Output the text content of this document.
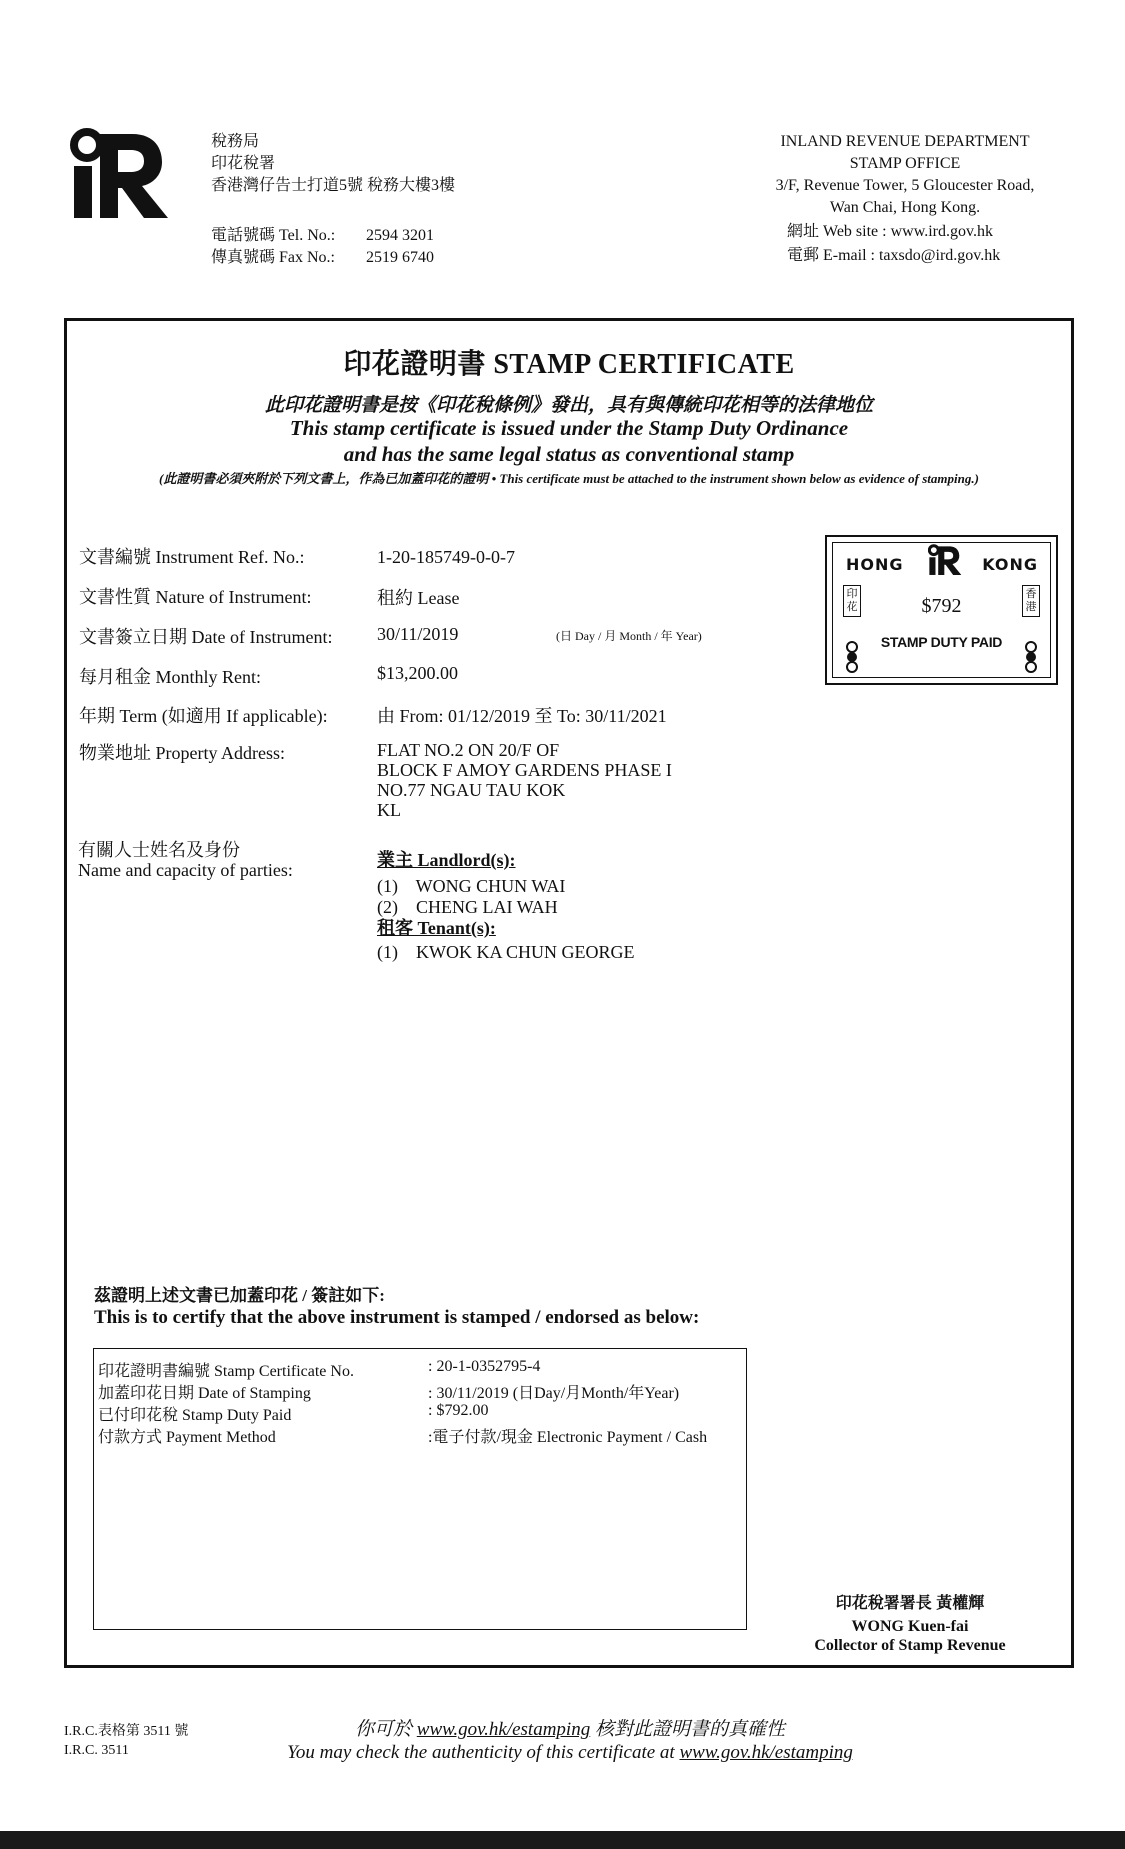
稅務局
印花稅署
香港灣仔告士打道5號 稅務大樓3樓
電話號碼 Tel. No.: 2594 3201
傳真號碼 Fax No.: 2519 6740
INLAND REVENUE DEPARTMENT
STAMP OFFICE
3/F, Revenue Tower, 5 Gloucester Road,
Wan Chai, Hong Kong.
網址 Web site : www.ird.gov.hk
電郵 E-mail : taxsdo@ird.gov.hk
印花證明書 STAMP CERTIFICATE
此印花證明書是按《印花稅條例》發出，具有與傳統印花相等的法律地位
This stamp certificate is issued under the Stamp Duty Ordinance
and has the same legal status as conventional stamp
(此證明書必須夾附於下列文書上，作為已加蓋印花的證明 • This certificate must be attached to the instrument shown below as evidence of stamping.)
文書編號 Instrument Ref. No.:	1-20-185749-0-0-7
文書性質 Nature of Instrument:	租約 Lease
文書簽立日期 Date of Instrument: 30/11/2019	(日 Day / 月 Month / 年 Year)
每月租金 Monthly Rent:	$13,200.00
年期 Term (如適用 If applicable):	由 From: 01/12/2019 至 To: 30/11/2021
物業地址 Property Address:	FLAT NO.2 ON 20/F OF
BLOCK F AMOY GARDENS PHASE I
NO.77 NGAU TAU KOK
KL
有關人士姓名及身份
Name and capacity of parties:	業主 Landlord(s):
(1)    WONG CHUN WAI
(2)    CHENG LAI WAH
租客 Tenant(s):
(1)    KWOK KA CHUN GEORGE
HONG	KONG
$792
STAMP DUTY PAID
印花
香港
茲證明上述文書已加蓋印花 / 簽註如下:
This is to certify that the above instrument is stamped / endorsed as below:
印花證明書編號 Stamp Certificate No.	: 20-1-0352795-4
加蓋印花日期 Date of Stamping	: 30/11/2019 (日Day/月Month/年Year)
已付印花稅 Stamp Duty Paid	: $792.00
付款方式 Payment Method	:電子付款/現金 Electronic Payment / Cash
印花稅署署長 黃權輝
WONG Kuen-fai
Collector of Stamp Revenue
I.R.C.表格第 3511 號
I.R.C. 3511
你可於 www.gov.hk/estamping 核對此證明書的真確性
You may check the authenticity of this certificate at www.gov.hk/estamping
